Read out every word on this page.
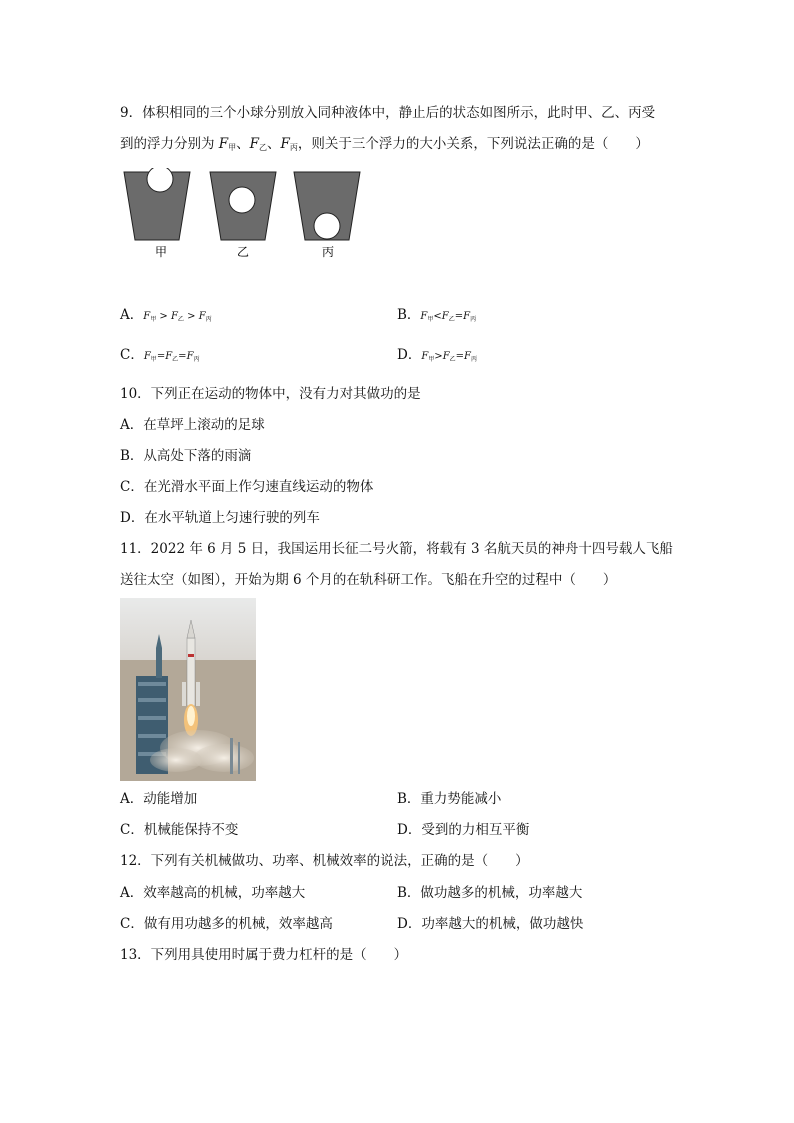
9．体积相同的三个小球分别放入同种液体中，静止后的状态如图所示，此时甲、乙、丙受
到的浮力分别为 $F_甲$、$F_乙$、$F_丙$，则关于三个浮力的大小关系，下列说法正确的是（　　）
甲	乙	丙
A．$F_甲 > F_乙 > F_丙$	B．$F_甲<F_乙=F_丙$
C．$F_甲=F_乙=F_丙$	D．$F_甲>F_乙=F_丙$
10．下列正在运动的物体中，没有力对其做功的是
A．在草坪上滚动的足球
B．从高处下落的雨滴
C．在光滑水平面上作匀速直线运动的物体
D．在水平轨道上匀速行驶的列车
11．2022 年 6 月 5 日，我国运用长征二号火箭，将载有 3 名航天员的神舟十四号载人飞船
送往太空（如图），开始为期 6 个月的在轨科研工作。飞船在升空的过程中（　　）
A．动能增加	B．重力势能减小
C．机械能保持不变	D．受到的力相互平衡
12．下列有关机械做功、功率、机械效率的说法，正确的是（　　）
A．效率越高的机械，功率越大	B．做功越多的机械，功率越大
C．做有用功越多的机械，效率越高	D．功率越大的机械，做功越快
13．下列用具使用时属于费力杠杆的是（　　）
